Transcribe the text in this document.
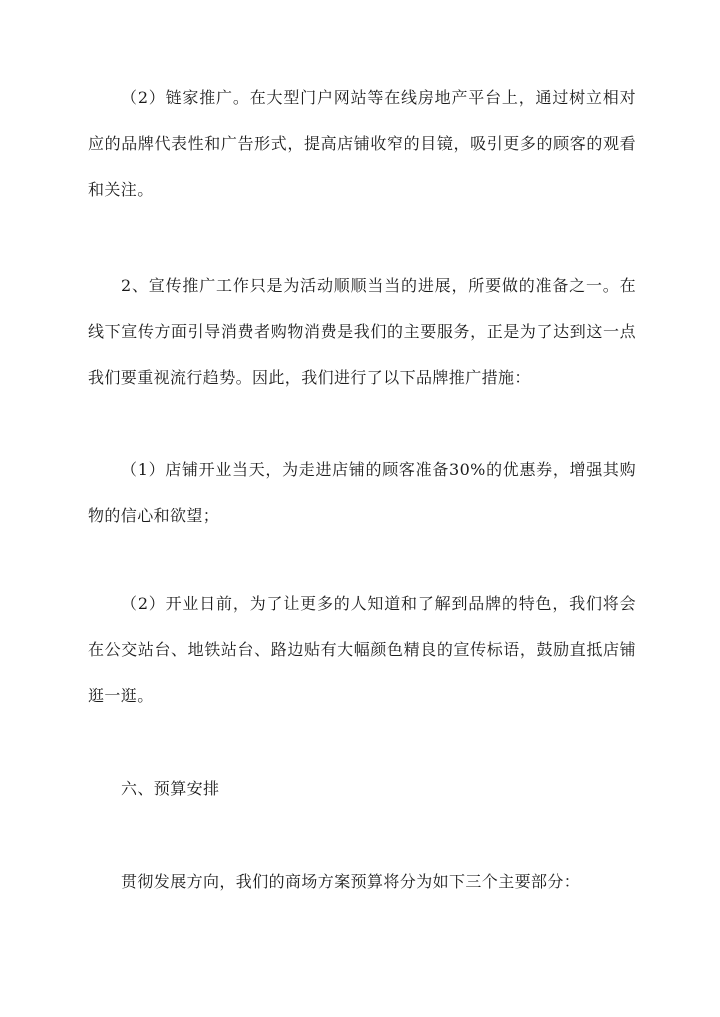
（2）链家推广。在大型门户网站等在线房地产平台上，通过树立相对应的品牌代表性和广告形式，提高店铺收窄的目镜，吸引更多的顾客的观看和关注。

2、宣传推广工作只是为活动顺顺当当的进展，所要做的准备之一。在线下宣传方面引导消费者购物消费是我们的主要服务，正是为了达到这一点我们要重视流行趋势。因此，我们进行了以下品牌推广措施：

（1）店铺开业当天，为走进店铺的顾客准备30%的优惠券，增强其购物的信心和欲望；

（2）开业日前，为了让更多的人知道和了解到品牌的特色，我们将会在公交站台、地铁站台、路边贴有大幅颜色精良的宣传标语，鼓励直抵店铺逛一逛。

六、预算安排

贯彻发展方向，我们的商场方案预算将分为如下三个主要部分：
